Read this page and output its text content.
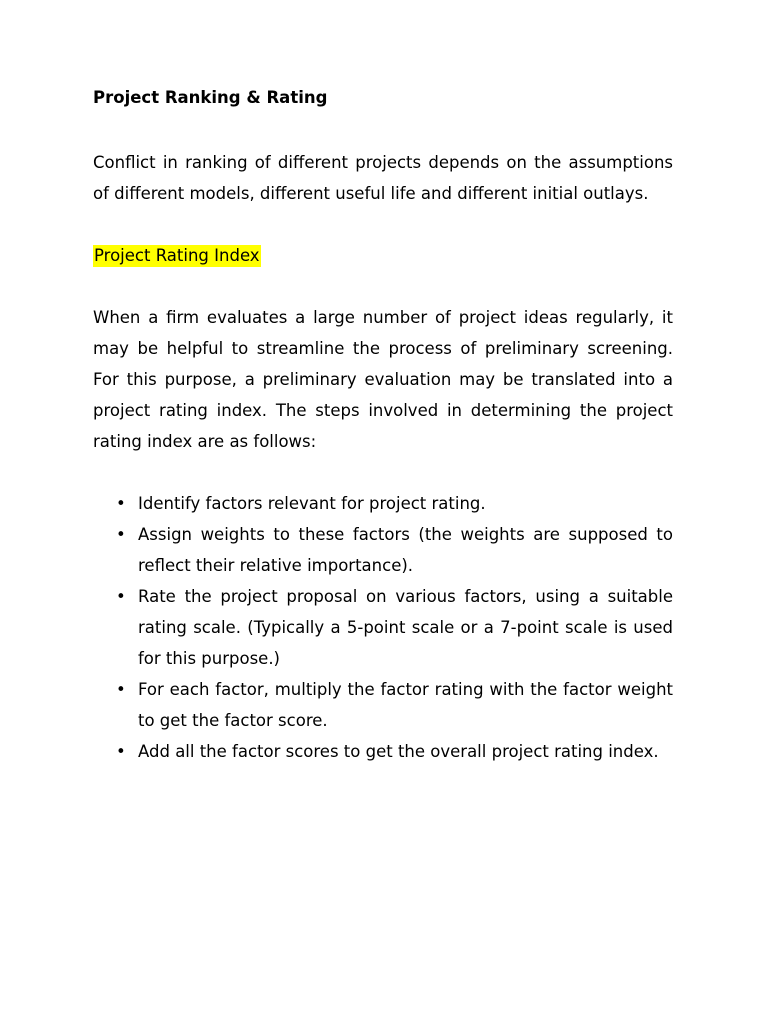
Project Ranking & Rating

Conflict in ranking of different projects depends on the assumptions of different models, different useful life and different initial outlays.

Project Rating Index

When a firm evaluates a large number of project ideas regularly, it may be helpful to streamline the process of preliminary screening. For this purpose, a preliminary evaluation may be translated into a project rating index. The steps involved in determining the project rating index are as follows:

• Identify factors relevant for project rating.
• Assign weights to these factors (the weights are supposed to reflect their relative importance).
• Rate the project proposal on various factors, using a suitable rating scale. (Typically a 5-point scale or a 7-point scale is used for this purpose.)
• For each factor, multiply the factor rating with the factor weight to get the factor score.
• Add all the factor scores to get the overall project rating index.
